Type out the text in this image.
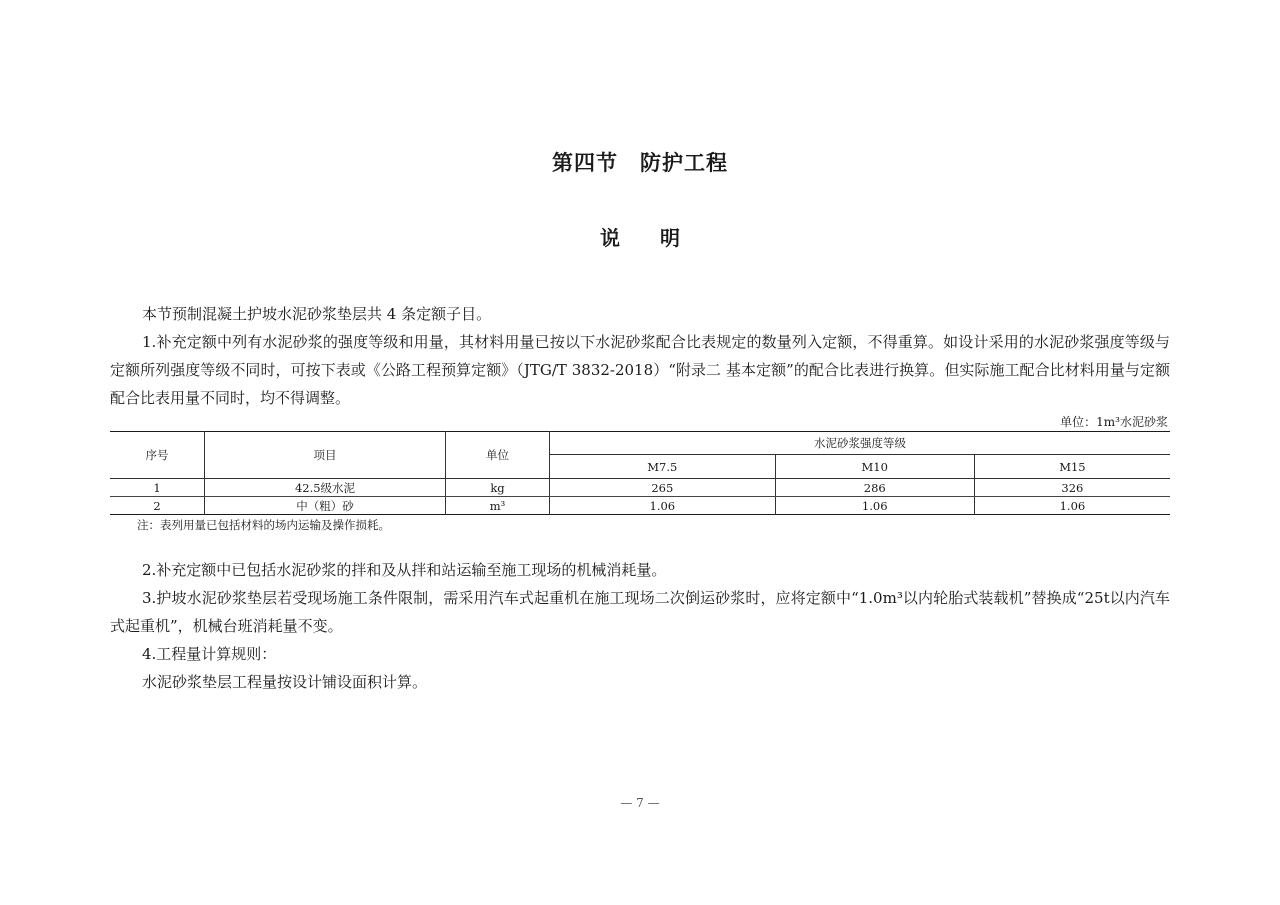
第四节　防护工程
说　　明

本节预制混凝土护坡水泥砂浆垫层共 4 条定额子目。

1.补充定额中列有水泥砂浆的强度等级和用量，其材料用量已按以下水泥砂浆配合比表规定的数量列入定额，不得重算。如设计采用的水泥砂浆强度等级与定额所列强度等级不同时，可按下表或《公路工程预算定额》（JTG/T 3832-2018）“附录二 基本定额”的配合比表进行换算。但实际施工配合比材料用量与定额配合比表用量不同时，均不得调整。

单位：1m³水泥砂浆
序号	项目	单位	水泥砂浆强度等级		
			M7.5	M10	M15
1	42.5级水泥	kg	265	286	326
2	中（粗）砂	m³	1.06	1.06	1.06
注：表列用量已包括材料的场内运输及操作损耗。

2.补充定额中已包括水泥砂浆的拌和及从拌和站运输至施工现场的机械消耗量。

3.护坡水泥砂浆垫层若受现场施工条件限制，需采用汽车式起重机在施工现场二次倒运砂浆时，应将定额中“1.0m³以内轮胎式装载机”替换成“25t以内汽车式起重机”，机械台班消耗量不变。

4.工程量计算规则：

水泥砂浆垫层工程量按设计铺设面积计算。

— 7 —
